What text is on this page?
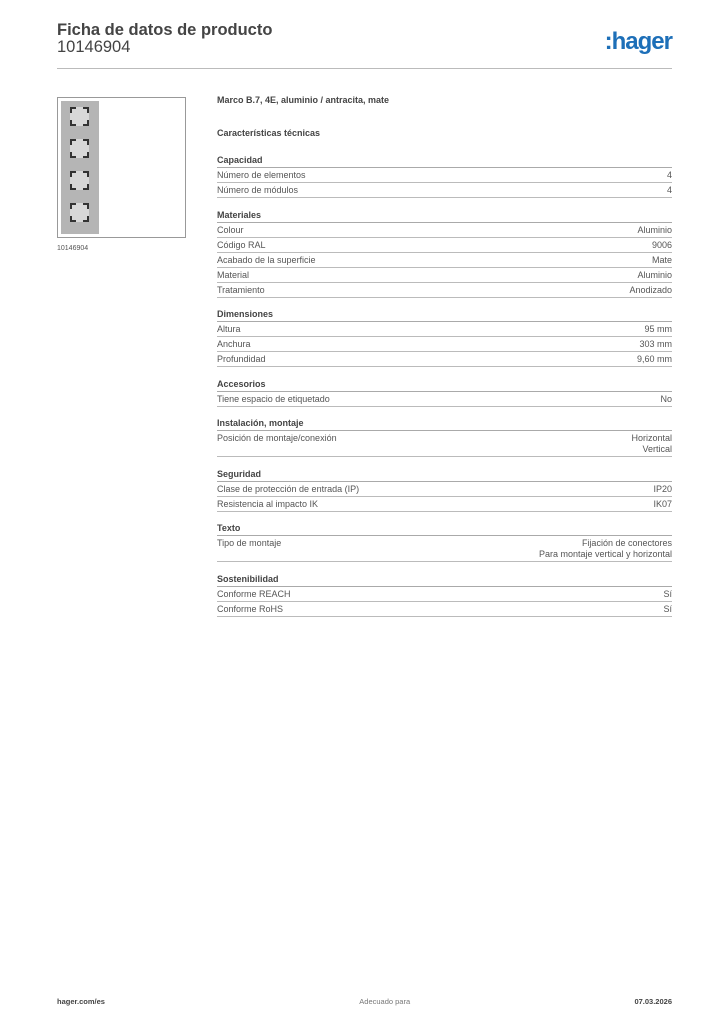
Ficha de datos de producto
10146904	:hager
10146904
Marco B.7, 4E, aluminio / antracita, mate
Características técnicas
Capacidad
Número de elementos	4
Número de módulos	4
Materiales
Colour	Aluminio
Código RAL	9006
Acabado de la superficie	Mate
Material	Aluminio
Tratamiento	Anodizado
Dimensiones
Altura	95 mm
Anchura	303 mm
Profundidad	9,60 mm
Accesorios
Tiene espacio de etiquetado	No
Instalación, montaje
Posición de montaje/conexión	Horizontal
Vertical
Seguridad
Clase de protección de entrada (IP)	IP20
Resistencia al impacto IK	IK07
Texto
Tipo de montaje	Fijación de conectores
Para montaje vertical y horizontal
Sostenibilidad
Conforme REACH	Sí
Conforme RoHS	Sí
hager.com/es	Adecuado para	07.03.2026
